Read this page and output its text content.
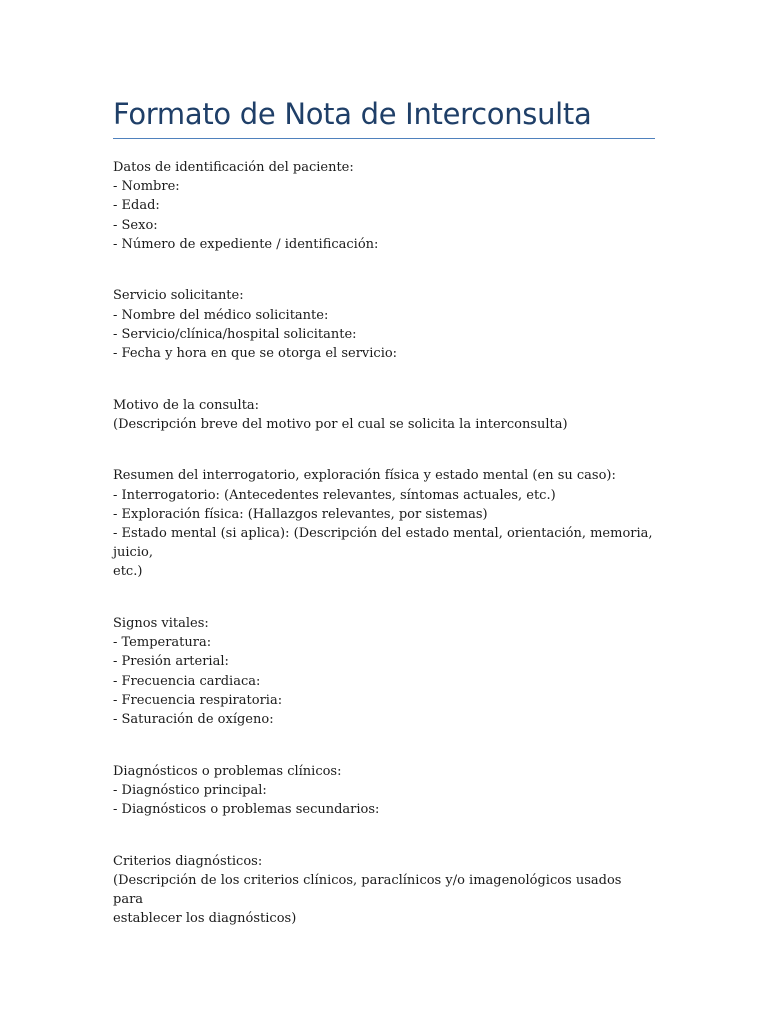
Formato de Nota de Interconsulta
Datos de identificación del paciente:
- Nombre:
- Edad:
- Sexo:
- Número de expediente / identificación:
Servicio solicitante:
- Nombre del médico solicitante:
- Servicio/clínica/hospital solicitante:
- Fecha y hora en que se otorga el servicio:
Motivo de la consulta:
(Descripción breve del motivo por el cual se solicita la interconsulta)
Resumen del interrogatorio, exploración física y estado mental (en su caso):
- Interrogatorio: (Antecedentes relevantes, síntomas actuales, etc.)
- Exploración física: (Hallazgos relevantes, por sistemas)
- Estado mental (si aplica): (Descripción del estado mental, orientación, memoria, juicio,
etc.)
Signos vitales:
- Temperatura:
- Presión arterial:
- Frecuencia cardiaca:
- Frecuencia respiratoria:
- Saturación de oxígeno:
Diagnósticos o problemas clínicos:
- Diagnóstico principal:
- Diagnósticos o problemas secundarios:
Criterios diagnósticos:
(Descripción de los criterios clínicos, paraclínicos y/o imagenológicos usados para
establecer los diagnósticos)
